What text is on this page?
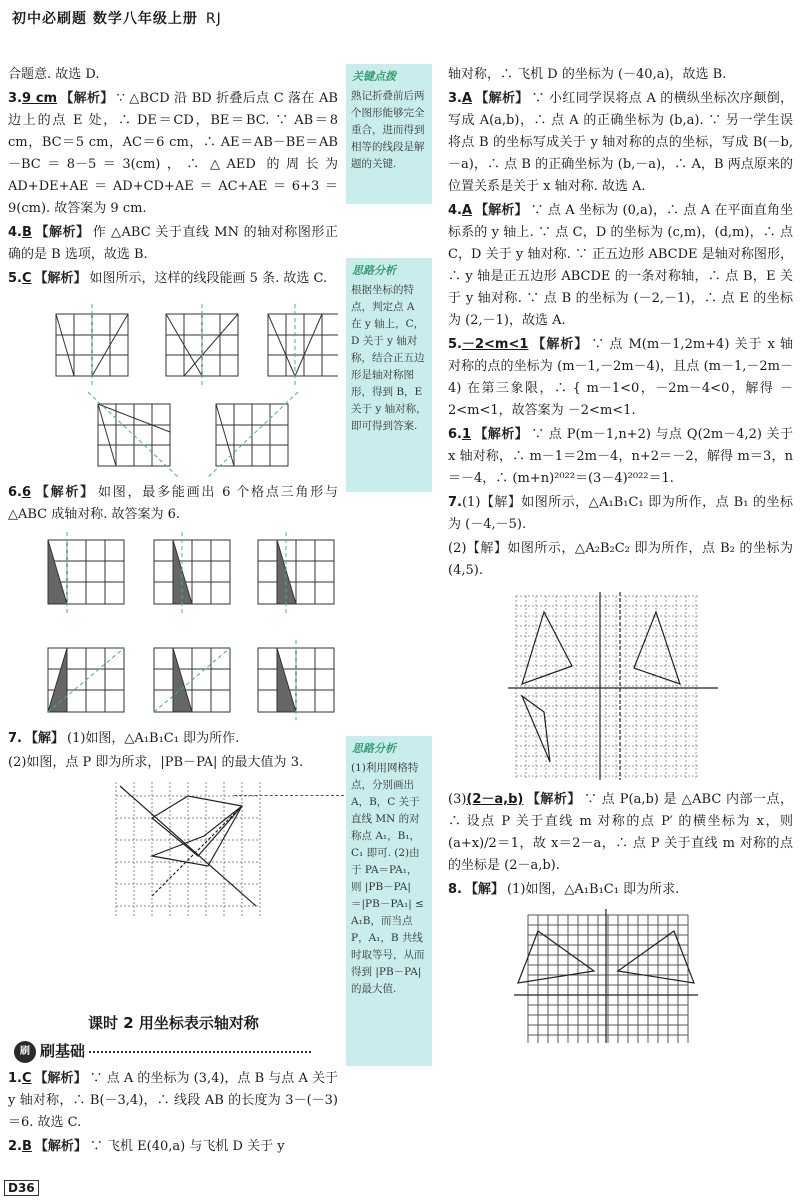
初中必刷题 数学八年级上册 RJ

合题意. 故选 D.

3.9 cm 【解析】 ∵ △BCD 沿 BD 折叠后点 C 落在 AB 边上的点 E 处，∴ DE＝CD，BE＝BC. ∵ AB＝8 cm，BC＝5 cm，AC＝6 cm，∴ AE＝AB－BE＝AB－BC＝8－5＝3(cm)，∴ △AED 的周长为 AD+DE+AE＝AD+CD+AE＝AC+AE＝6+3＝9(cm). 故答案为 9 cm.

4.B 【解析】 作 △ABC 关于直线 MN 的轴对称图形正确的是 B 选项，故选 B.

5.C 【解析】 如图所示，这样的线段能画 5 条. 故选 C.

6.6 【解析】 如图，最多能画出 6 个格点三角形与 △ABC 成轴对称. 故答案为 6.

7. 【解】 (1)如图，△A₁B₁C₁ 即为所作.

(2)如图，点 P 即为所求，|PB－PA| 的最大值为 3.

课时 2 用坐标表示轴对称
刷 刷基础

1.C 【解析】 ∵ 点 A 的坐标为 (3,4)，点 B 与点 A 关于 y 轴对称，∴ B(－3,4)，∴ 线段 AB 的长度为 3－(－3)＝6. 故选 C.

2.B 【解析】 ∵ 飞机 E(40,a) 与飞机 D 关于 y

关键点拨
熟记折叠前后两个图形能够完全重合，进而得到相等的线段是解题的关键.
思路分析
根据坐标的特点，判定点 A 在 y 轴上，C，D 关于 y 轴对称，结合正五边形是轴对称图形，得到 B，E 关于 y 轴对称，即可得到答案.
思路分析
(1)利用网格特点，分别画出 A，B，C 关于直线 MN 的对称点 A₁，B₁，C₁ 即可. (2)由于 PA＝PA₁，则 |PB－PA|＝|PB－PA₁| ≤ A₁B，而当点 P，A₁，B 共线时取等号，从而得到 |PB－PA| 的最大值.

轴对称，∴ 飞机 D 的坐标为 (－40,a)，故选 B.

3.A 【解析】 ∵ 小红同学误将点 A 的横纵坐标次序颠倒，写成 A(a,b)，∴ 点 A 的正确坐标为 (b,a). ∵ 另一学生误将点 B 的坐标写成关于 y 轴对称的点的坐标，写成 B(－b,－a)，∴ 点 B 的正确坐标为 (b,－a)，∴ A，B 两点原来的位置关系是关于 x 轴对称. 故选 A.

4.A 【解析】 ∵ 点 A 坐标为 (0,a)，∴ 点 A 在平面直角坐标系的 y 轴上. ∵ 点 C，D 的坐标为 (c,m)，(d,m)，∴ 点 C，D 关于 y 轴对称. ∵ 正五边形 ABCDE 是轴对称图形，∴ y 轴是正五边形 ABCDE 的一条对称轴，∴ 点 B，E 关于 y 轴对称. ∵ 点 B 的坐标为 (－2,－1)，∴ 点 E 的坐标为 (2,－1)，故选 A.

5.－2<m<1 【解析】 ∵ 点 M(m－1,2m+4) 关于 x 轴对称的点的坐标为 (m－1,－2m－4)，且点 (m－1,－2m－4) 在第三象限，∴ { m－1<0，－2m－4<0，解得 －2<m<1，故答案为 －2<m<1.

6.1 【解析】 ∵ 点 P(m－1,n+2) 与点 Q(2m－4,2) 关于 x 轴对称，∴ m－1＝2m－4，n+2＝－2，解得 m＝3，n＝－4，∴ (m+n)²⁰²²＝(3－4)²⁰²²＝1.

7.(1)【解】如图所示，△A₁B₁C₁ 即为所作，点 B₁ 的坐标为 (－4,－5).

(2)【解】如图所示，△A₂B₂C₂ 即为所作，点 B₂ 的坐标为 (4,5).

(3)(2－a,b) 【解析】 ∵ 点 P(a,b) 是 △ABC 内部一点，∴ 设点 P 关于直线 m 对称的点 P′ 的横坐标为 x，则 (a+x)/2＝1，故 x＝2－a，∴ 点 P 关于直线 m 对称的点的坐标是 (2－a,b).

8. 【解】 (1)如图，△A₁B₁C₁ 即为所求.

D36
